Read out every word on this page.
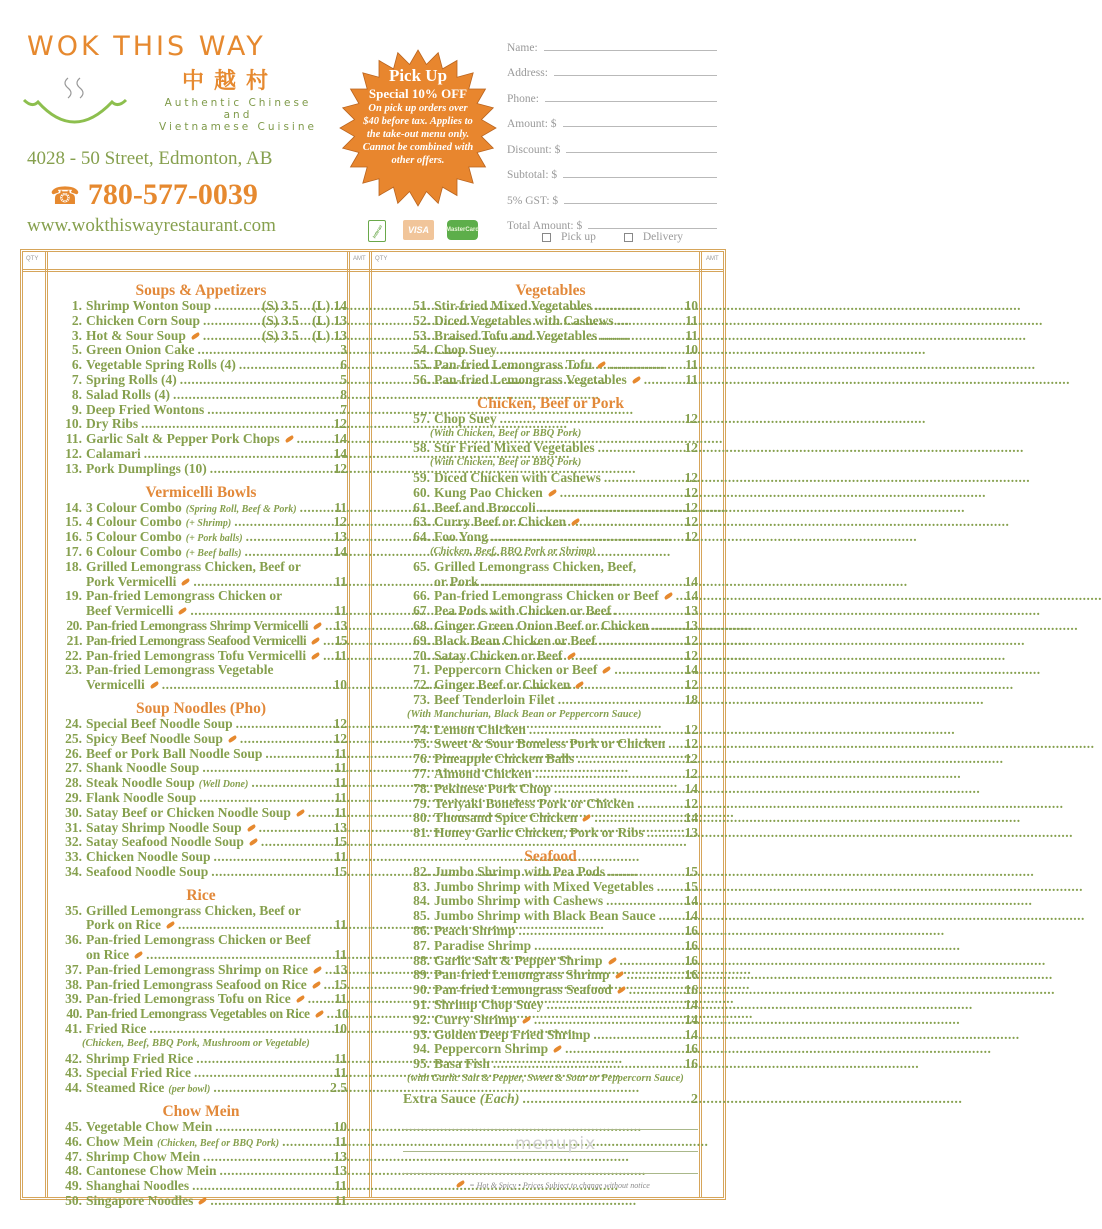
WOK THIS WAY
中越村
Authentic Chinese
and
Vietnamese Cuisine
4028 - 50 Street, Edmonton, AB
☎ 780-577-0039
www.wokthiswayrestaurant.com
Pick Up
Special 10% OFF
On pick up orders over
$40 before tax. Applies to
the take-out menu only.
Cannot be combined with
other offers.
Interac	VISA	MasterCard
Name:
Address:
Phone:
Amount: $
Discount: $
Subtotal: $
5% GST: $
Total Amount: $
Pick up	Delivery
QTY	AMT QTY	AMT
Soups & Appetizers
1. Shrimp Wonton Soup .....	(S) 3.5    (L) 14
2. Chicken Corn Soup .....	(S) 3.5    (L) 13
3. Hot & Sour Soup .....	(S) 3.5    (L) 13
5. Green Onion Cake .....	3
6. Vegetable Spring Rolls (4) .....	6
7. Spring Rolls (4) .....	5
8. Salad Rolls (4) .....	8
9. Deep Fried Wontons .....	7
10. Dry Ribs .....	12
11. Garlic Salt & Pepper Pork Chops .....	14
12. Calamari .....	14
13. Pork Dumplings (10) .....	12
Vermicelli Bowls
14. 3 Colour Combo (Spring Roll, Beef & Pork) .....	11
15. 4 Colour Combo (+ Shrimp) .....	12
16. 5 Colour Combo (+ Pork balls) .....	13
17. 6 Colour Combo (+ Beef balls) .....	14
18. Grilled Lemongrass Chicken, Beef or
Pork Vermicelli .....	11
19. Pan-fried Lemongrass Chicken or
Beef Vermicelli .....	11
20. Pan-fried Lemongrass Shrimp Vermicelli ..... 13
21. Pan-fried Lemongrass Seafood Vermicelli ..... 15
22. Pan-fried Lemongrass Tofu Vermicelli ..... 11
23. Pan-fried Lemongrass Vegetable
Vermicelli .....	10
Soup Noodles (Pho)
24. Special Beef Noodle Soup .....	12
25. Spicy Beef Noodle Soup .....	12
26. Beef or Pork Ball Noodle Soup .....	11
27. Shank Noodle Soup .....	11
28. Steak Noodle Soup (Well Done) .....	11
29. Flank Noodle Soup .....	11
30. Satay Beef or Chicken Noodle Soup .....	11
31. Satay Shrimp Noodle Soup .....	13
32. Satay Seafood Noodle Soup .....	15
33. Chicken Noodle Soup .....	11
34. Seafood Noodle Soup .....	15
Rice
35. Grilled Lemongrass Chicken, Beef or
Pork on Rice .....	11
36. Pan-fried Lemongrass Chicken or Beef
on Rice .....	11
37. Pan-fried Lemongrass Shrimp on Rice ..... 13
38. Pan-fried Lemongrass Seafood on Rice ..... 15
39. Pan-fried Lemongrass Tofu on Rice .....	11
40. Pan-fried Lemongrass Vegetables on Rice ..... 10
41. Fried Rice .....	10
(Chicken, Beef, BBQ Pork, Mushroom or Vegetable)
42. Shrimp Fried Rice .....	11
43. Special Fried Rice .....	11
44. Steamed Rice (per bowl) .....	2.5
Chow Mein
45. Vegetable Chow Mein .....	10
46. Chow Mein (Chicken, Beef or BBQ Pork) .....	11
47. Shrimp Chow Mein .....	13
48. Cantonese Chow Mein .....	13
49. Shanghai Noodles .....	11
50. Singapore Noodles .....	11
Vegetables
51. Stir-fried Mixed Vegetables .....	10
52. Diced Vegetables with Cashews .....	11
53. Braised Tofu and Vegetables .....	11
54. Chop Suey .....	10
55. Pan-fried Lemongrass Tofu .....	11
56. Pan-fried Lemongrass Vegetables .....	11
Chicken, Beef or Pork
57. Chop Suey .....	12
(With Chicken, Beef or BBQ Pork)
58. Stir Fried Mixed Vegetables .....	12
(With Chicken, Beef or BBQ Pork)
59. Diced Chicken with Cashews .....	12
60. Kung Pao Chicken .....	12
61. Beef and Broccoli .....	12
63. Curry Beef or Chicken .....	12
64. Foo Yong .....	12
(Chicken, Beef, BBQ Pork or Shrimp)
65. Grilled Lemongrass Chicken, Beef,
or Pork .....	14
66. Pan-fried Lemongrass Chicken or Beef ..... 14
67. Pea Pods with Chicken or Beef .....	13
68. Ginger Green Onion Beef or Chicken .....	13
69. Black Bean Chicken or Beef .....	12
70. Satay Chicken or Beef .....	12
71. Peppercorn Chicken or Beef .....	14
72. Ginger Beef or Chicken .....	12
73. Beef Tenderloin Filet .....	18
(With Manchurian, Black Bean or Peppercorn Sauce)
74. Lemon Chicken .....	12
75. Sweet & Sour Boneless Pork or Chicken ..... 12
76. Pineapple Chicken Balls .....	12
77. Almond Chicken .....	12
78. Pekinese Pork Chop .....	14
79. Teriyaki Boneless Pork or Chicken .....	12
80. Thousand Spice Chicken .....	14
81. Honey Garlic Chicken, Pork or Ribs .....	13
Seafood
82. Jumbo Shrimp with Pea Pods .....	15
83. Jumbo Shrimp with Mixed Vegetables ..... 15
84. Jumbo Shrimp with Cashews .....	14
85. Jumbo Shrimp with Black Bean Sauce ..... 14
86. Peach Shrimp .....	16
87. Paradise Shrimp .....	16
88. Garlic Salt & Pepper Shrimp .....	16
89. Pan-fried Lemongrass Shrimp .....	16
90. Pan-fried Lemongrass Seafood .....	16
91. Shrimp Chop Suey .....	14
92. Curry Shrimp .....	14
93. Golden Deep Fried Shrimp .....	14
94. Peppercorn Shrimp .....	16
95. Basa Fish .....	16
(with Garlic Salt & Pepper, Sweet & Sour or Peppercorn Sauce)
Extra Sauce (Each) .....	2
= Hot & Spicy • Prices Subject to change without notice
menupix
